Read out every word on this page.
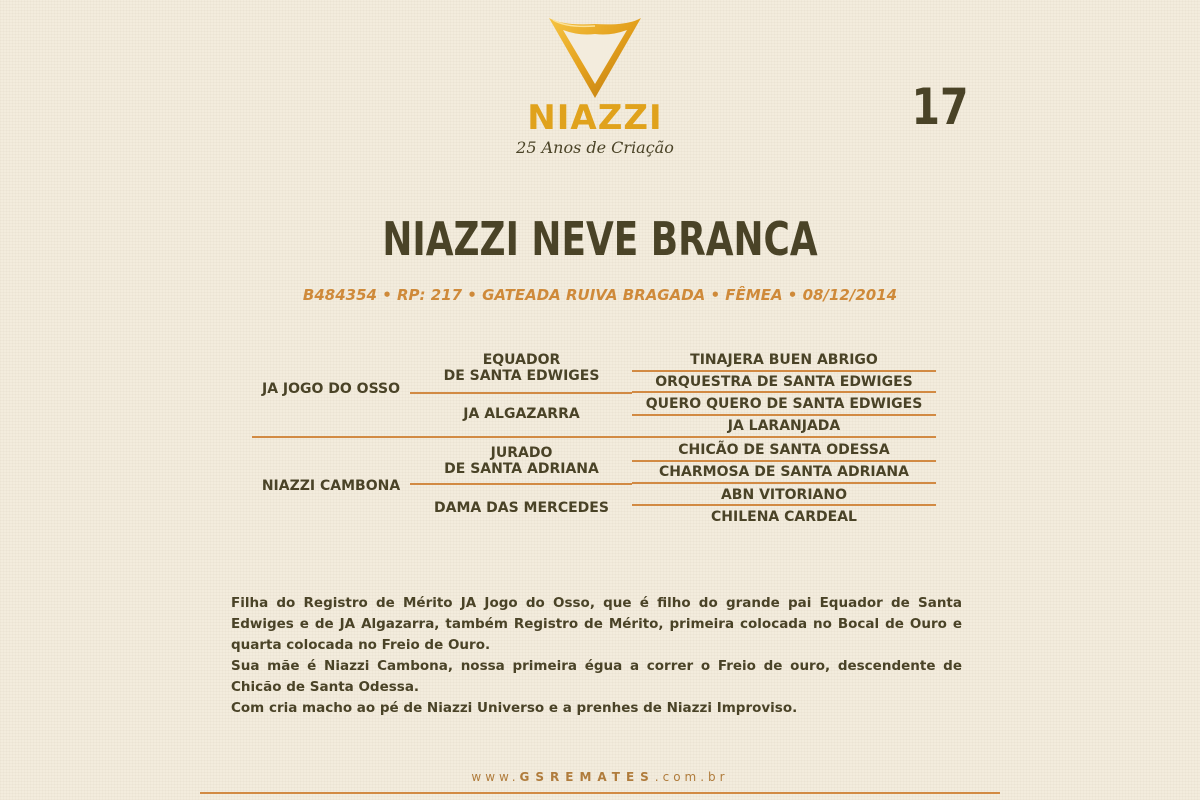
NIAZZI
25 Anos de Criação
17
NIAZZI NEVE BRANCA
B484354 • RP: 217 • GATEADA RUIVA BRAGADA • FÊMEA • 08/12/2014
JA JOGO DO OSSO
NIAZZI CAMBONA
EQUADOR
DE SANTA EDWIGES
JA ALGAZARRA
JURADO
DE SANTA ADRIANA
DAMA DAS MERCEDES
TINAJERA BUEN ABRIGO
ORQUESTRA DE SANTA EDWIGES
QUERO QUERO DE SANTA EDWIGES
JA LARANJADA
CHICÃO DE SANTA ODESSA
CHARMOSA DE SANTA ADRIANA
ABN VITORIANO
CHILENA CARDEAL

Filha do Registro de Mérito JA Jogo do Osso, que é filho do grande pai Equador de Santa Edwiges e de JA Algazarra, também Registro de Mérito, primeira colocada no Bocal de Ouro e quarta colocada no Freio de Ouro.

Sua mãe é Niazzi Cambona, nossa primeira égua a correr o Freio de ouro, descendente de Chicão de Santa Odessa.

Com cria macho ao pé de Niazzi Universo e a prenhes de Niazzi Improviso.

www.GSREMATES.com.br
